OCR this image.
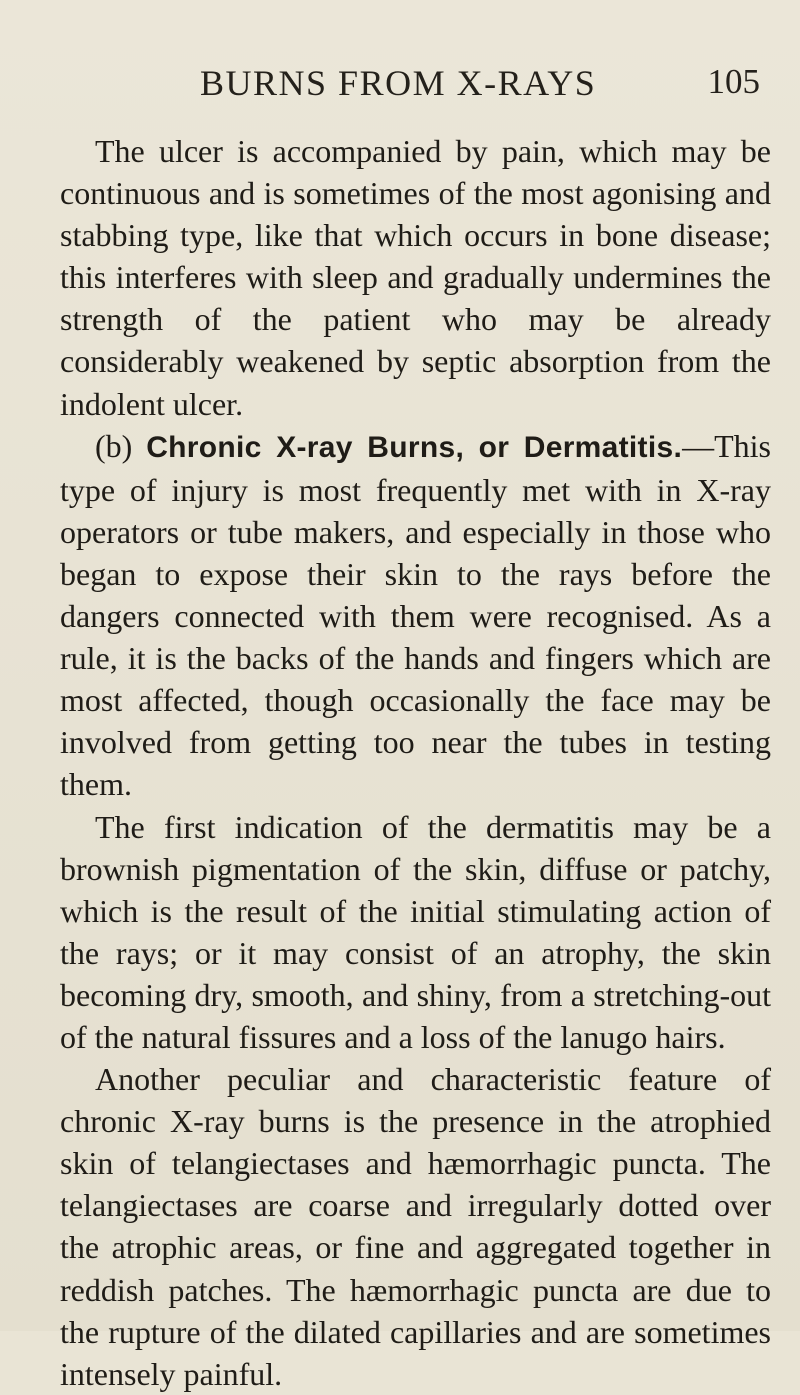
BURNS FROM X-RAYS	105

The ulcer is accompanied by pain, which may be continuous and is sometimes of the most agonising and stabbing type, like that which occurs in bone disease; this interferes with sleep and gradually undermines the strength of the patient who may be already considerably weakened by septic absorption from the indolent ulcer.

(b) Chronic X-ray Burns, or Dermatitis.—This type of injury is most frequently met with in X-ray operators or tube makers, and especially in those who began to expose their skin to the rays before the dangers connected with them were recognised. As a rule, it is the backs of the hands and fingers which are most affected, though occasionally the face may be involved from getting too near the tubes in testing them.

The first indication of the dermatitis may be a brownish pigmentation of the skin, diffuse or patchy, which is the result of the initial stimulating action of the rays; or it may consist of an atrophy, the skin becoming dry, smooth, and shiny, from a stretching-out of the natural fissures and a loss of the lanugo hairs.

Another peculiar and characteristic feature of chronic X-ray burns is the presence in the atrophied skin of telangiectases and hæmorrhagic puncta. The telangiectases are coarse and irregularly dotted over the atrophic areas, or fine and aggregated together in reddish patches. The hæmorrhagic puncta are due to the rupture of the dilated capillaries and are sometimes intensely painful.
